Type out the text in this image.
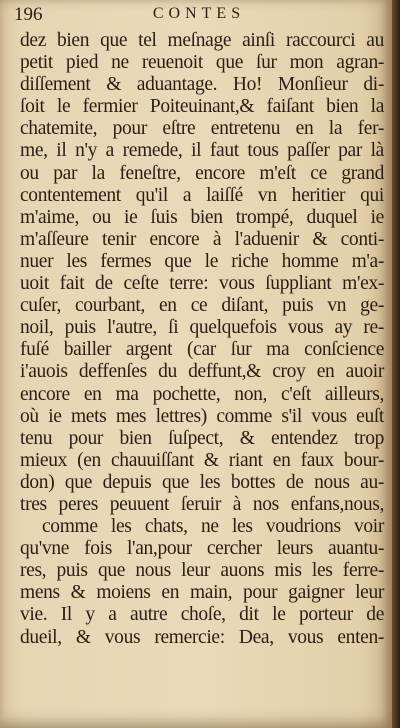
196	CONTES
dez bien que tel meſnage ainſi raccourci au
petit pied ne reuenoit que ſur mon agran-
diſſement & aduantage. Ho! Monſieur di-
ſoit le fermier Poiteuinant,& faiſant bien la
chatemite, pour eſtre entretenu en la fer-
me, il n'y a remede, il faut tous paſſer par là
ou par la feneſtre, encore m'eſt ce grand
contentement qu'il a laiſſé vn heritier qui
m'aime, ou ie ſuis bien trompé, duquel ie
m'aſſeure tenir encore à l'aduenir & conti-
nuer les fermes que le riche homme m'a-
uoit fait de ceſte terre: vous ſuppliant m'ex-
cuſer, courbant, en ce diſant, puis vn ge-
noil, puis l'autre, ſi quelquefois vous ay re-
fuſé bailler argent (car ſur ma conſcience
i'auois deffenſes du deffunt,& croy en auoir
encore en ma pochette, non, c'eſt ailleurs,
où ie mets mes lettres) comme s'il vous euſt
tenu pour bien ſuſpect, & entendez trop
mieux (en chauuiſſant & riant en faux bour-
don) que depuis que les bottes de nous au-
tres peres peuuent ſeruir à nos enfans,nous,
comme les chats, ne les voudrions voir
qu'vne fois l'an,pour cercher leurs auantu-
res, puis que nous leur auons mis les ferre-
mens & moiens en main, pour gaigner leur
vie. Il y a autre choſe, dit le porteur de
dueil, & vous remercie: Dea, vous enten-
